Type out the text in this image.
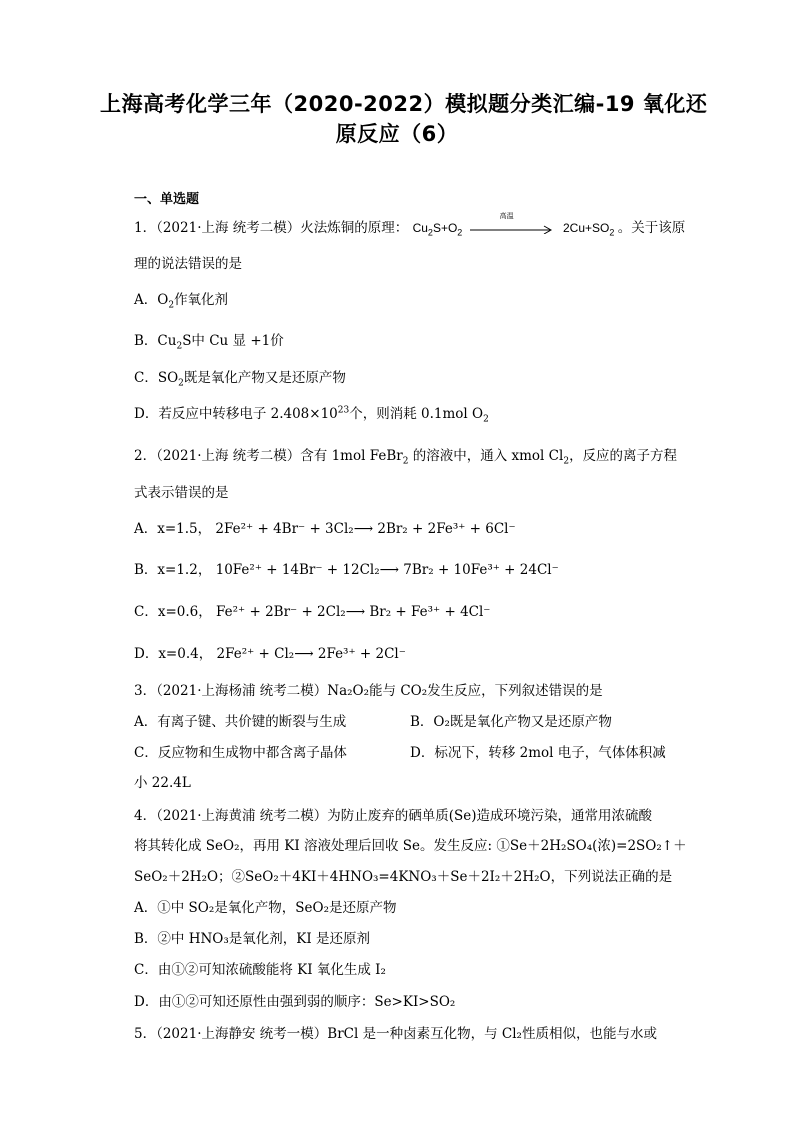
上海高考化学三年（2020-2022）模拟题分类汇编-19 氧化还
原反应（6）
一、单选题
1．（2021·上海 统考二模）火法炼铜的原理： $Cu_2S+O_2$
高温
$2Cu+SO_2$ 。关于该原
理的说法错误的是
A．$O_2$作氧化剂
B．$Cu_2S$中 Cu 显 +1价
C．$SO_2$既是氧化产物又是还原产物
D．若反应中转移电子 $2.408\times 10^{23}$个，则消耗 0.1mol $O_2$
2．（2021·上海 统考二模）含有 1mol FeBr$_2$ 的溶液中，通入 xmol $Cl_2$，反应的离子方程
式表示错误的是
A．x=1.5， 2Fe²⁺ + 4Br⁻ + 3Cl₂⟶ 2Br₂ + 2Fe³⁺ + 6Cl⁻
B．x=1.2， 10Fe²⁺ + 14Br⁻ + 12Cl₂⟶ 7Br₂ + 10Fe³⁺ + 24Cl⁻
C．x=0.6， Fe²⁺ + 2Br⁻ + 2Cl₂⟶ Br₂ + Fe³⁺ + 4Cl⁻
D．x=0.4， 2Fe²⁺ + Cl₂⟶ 2Fe³⁺ + 2Cl⁻
3．（2021·上海杨浦 统考二模）Na₂O₂能与 CO₂发生反应，下列叙述错误的是
A．有离子键、共价键的断裂与生成	B．O₂既是氧化产物又是还原产物
C．反应物和生成物中都含离子晶体	D．标况下，转移 2mol 电子，气体体积减
小 22.4L
4．（2021·上海黄浦 统考二模）为防止废弃的硒单质(Se)造成环境污染，通常用浓硫酸
将其转化成 SeO₂，再用 KI 溶液处理后回收 Se。发生反应: ①Se＋2H₂SO₄(浓)=2SO₂↑＋
SeO₂＋2H₂O；②SeO₂＋4KI＋4HNO₃=4KNO₃＋Se＋2I₂＋2H₂O，下列说法正确的是
A．①中 SO₂是氧化产物，SeO₂是还原产物
B．②中 HNO₃是氧化剂，KI 是还原剂
C．由①②可知浓硫酸能将 KI 氧化生成 I₂
D．由①②可知还原性由强到弱的顺序：Se>KI>SO₂
5．（2021·上海静安 统考一模）BrCl 是一种卤素互化物，与 Cl₂性质相似，也能与水或
